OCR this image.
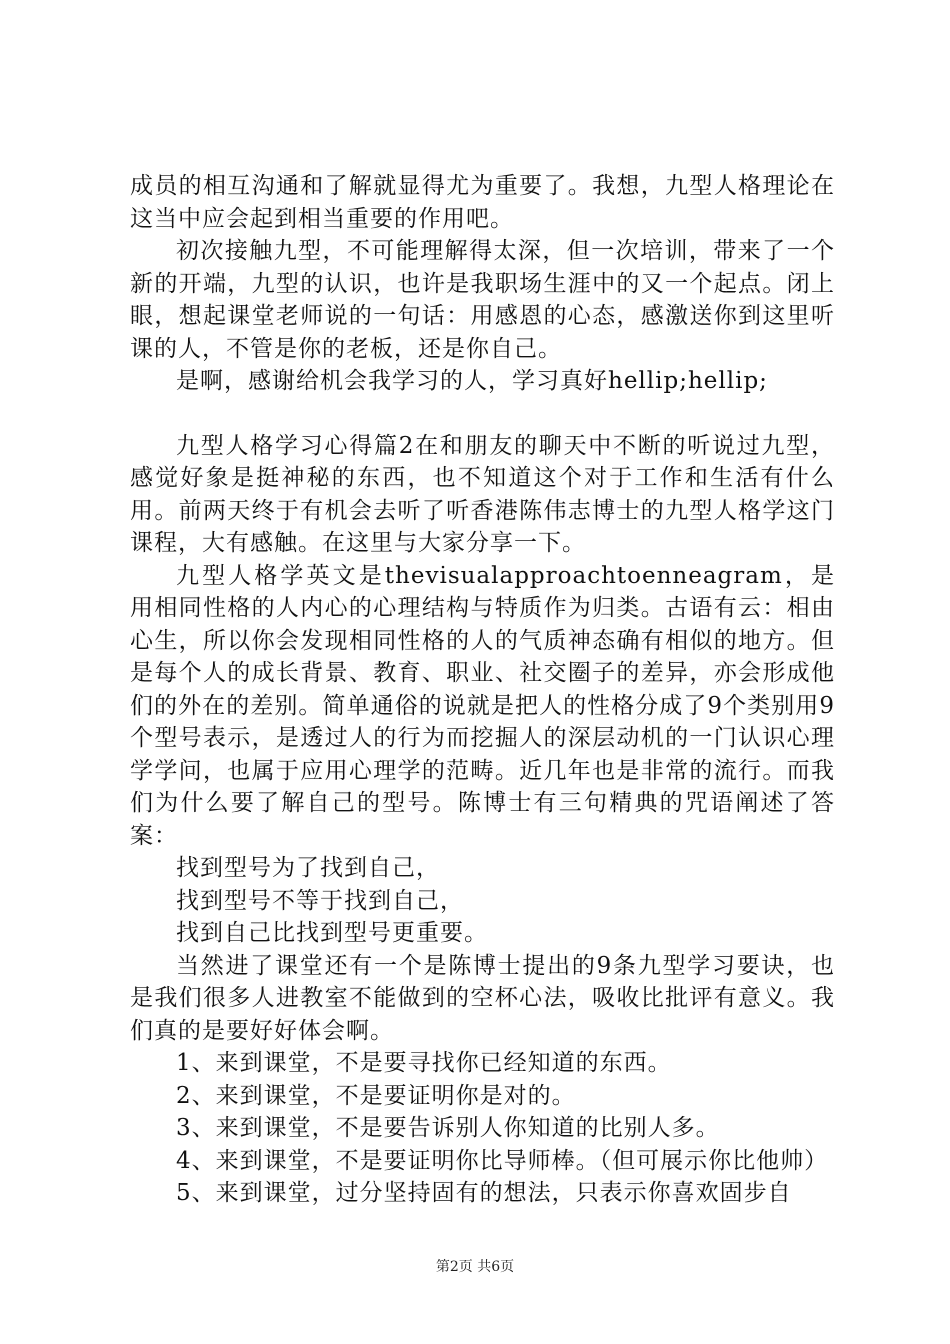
成员的相互沟通和了解就显得尤为重要了。我想，九型人格理论在这当中应会起到相当重要的作用吧。

初次接触九型，不可能理解得太深，但一次培训，带来了一个新的开端，九型的认识，也许是我职场生涯中的又一个起点。闭上眼，想起课堂老师说的一句话：用感恩的心态，感激送你到这里听课的人，不管是你的老板，还是你自己。

是啊，感谢给机会我学习的人，学习真好hellip;hellip;

九型人格学习心得篇2在和朋友的聊天中不断的听说过九型，感觉好象是挺神秘的东西，也不知道这个对于工作和生活有什么用。前两天终于有机会去听了听香港陈伟志博士的九型人格学这门课程，大有感触。在这里与大家分享一下。

九型人格学英文是thevisualapproachtoenneagram，是用相同性格的人内心的心理结构与特质作为归类。古语有云：相由心生，所以你会发现相同性格的人的气质神态确有相似的地方。但是每个人的成长背景、教育、职业、社交圈子的差异，亦会形成他们的外在的差别。简单通俗的说就是把人的性格分成了9个类别用9个型号表示，是透过人的行为而挖掘人的深层动机的一门认识心理学学问，也属于应用心理学的范畴。近几年也是非常的流行。而我们为什么要了解自己的型号。陈博士有三句精典的咒语阐述了答案：

找到型号为了找到自己，

找到型号不等于找到自己，

找到自己比找到型号更重要。

当然进了课堂还有一个是陈博士提出的9条九型学习要诀，也是我们很多人进教室不能做到的空杯心法，吸收比批评有意义。我们真的是要好好体会啊。

1、来到课堂，不是要寻找你已经知道的东西。

2、来到课堂，不是要证明你是对的。

3、来到课堂，不是要告诉别人你知道的比别人多。

4、来到课堂，不是要证明你比导师棒。（但可展示你比他帅）

5、来到课堂，过分坚持固有的想法，只表示你喜欢固步自

第2页 共6页
